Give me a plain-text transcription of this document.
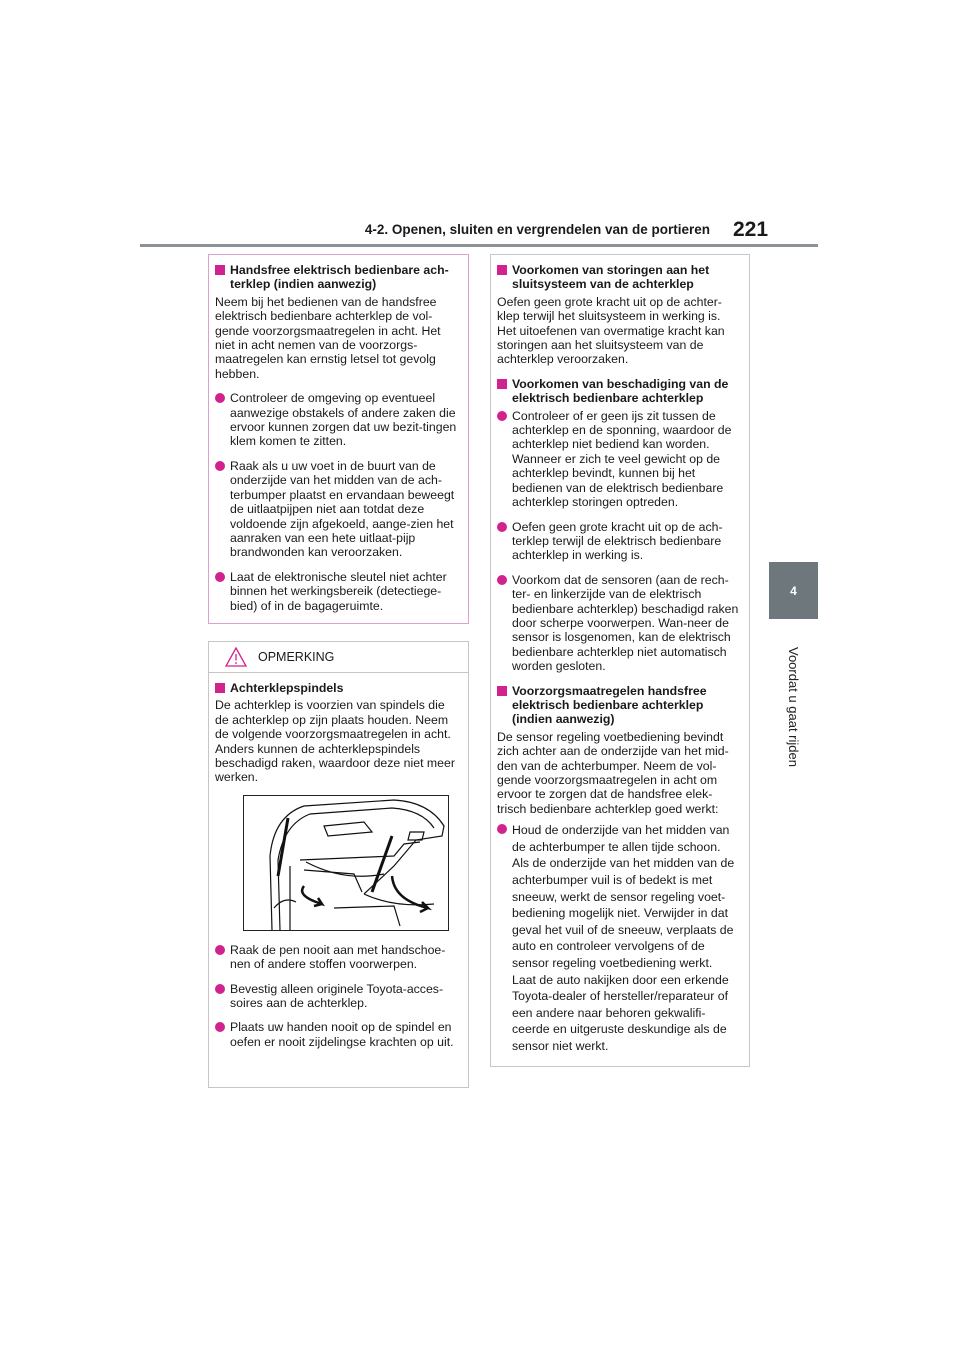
4-2. Openen, sluiten en vergrendelen van de portieren 221
4
Voordat u gaat rijden
Handsfree elektrisch bedienbare ach-terklep (indien aanwezig)
Neem bij het bedienen van de handsfree elektrisch bedienbare achterklep de vol-gende voorzorgsmaatregelen in acht. Het niet in acht nemen van de voorzorgs-maatregelen kan ernstig letsel tot gevolg hebben.
Controleer de omgeving op eventueel aanwezige obstakels of andere zaken die ervoor kunnen zorgen dat uw bezit-tingen klem komen te zitten.
Raak als u uw voet in de buurt van de onderzijde van het midden van de ach-terbumper plaatst en ervandaan beweegt de uitlaatpijpen niet aan totdat deze voldoende zijn afgekoeld, aange-zien het aanraken van een hete uitlaat-pijp brandwonden kan veroorzaken.
Laat de elektronische sleutel niet achter binnen het werkingsbereik (detectiege-bied) of in de bagageruimte.
OPMERKING
Achterklepspindels
De achterklep is voorzien van spindels die de achterklep op zijn plaats houden. Neem de volgende voorzorgsmaatregelen in acht. Anders kunnen de achterklepspindels beschadigd raken, waardoor deze niet meer werken.
Raak de pen nooit aan met handschoe-nen of andere stoffen voorwerpen.
Bevestig alleen originele Toyota-acces-soires aan de achterklep.
Plaats uw handen nooit op de spindel en oefen er nooit zijdelingse krachten op uit.
Voorkomen van storingen aan het sluitsysteem van de achterklep
Oefen geen grote kracht uit op de achter-klep terwijl het sluitsysteem in werking is. Het uitoefenen van overmatige kracht kan storingen aan het sluitsysteem van de achterklep veroorzaken.
Voorkomen van beschadiging van de elektrisch bedienbare achterklep
Controleer of er geen ijs zit tussen de achterklep en de sponning, waardoor de achterklep niet bediend kan worden. Wanneer er zich te veel gewicht op de achterklep bevindt, kunnen bij het bedienen van de elektrisch bedienbare achterklep storingen optreden.
Oefen geen grote kracht uit op de ach-terklep terwijl de elektrisch bedienbare achterklep in werking is.
Voorkom dat de sensoren (aan de rech-ter- en linkerzijde van de elektrisch bedienbare achterklep) beschadigd raken door scherpe voorwerpen. Wan-neer de sensor is losgenomen, kan de elektrisch bedienbare achterklep niet automatisch worden gesloten.
Voorzorgsmaatregelen handsfree elektrisch bedienbare achterklep (indien aanwezig)
De sensor regeling voetbediening bevindt zich achter aan de onderzijde van het mid-den van de achterbumper. Neem de vol-gende voorzorgsmaatregelen in acht om ervoor te zorgen dat de handsfree elek-trisch bedienbare achterklep goed werkt:
Houd de onderzijde van het midden van de achterbumper te allen tijde schoon. Als de onderzijde van het midden van de achterbumper vuil is of bedekt is met sneeuw, werkt de sensor regeling voet-bediening mogelijk niet. Verwijder in dat geval het vuil of de sneeuw, verplaats de auto en controleer vervolgens of de sensor regeling voetbediening werkt. Laat de auto nakijken door een erkende Toyota-dealer of hersteller/reparateur of een andere naar behoren gekwalifi-ceerde en uitgeruste deskundige als de sensor niet werkt.
